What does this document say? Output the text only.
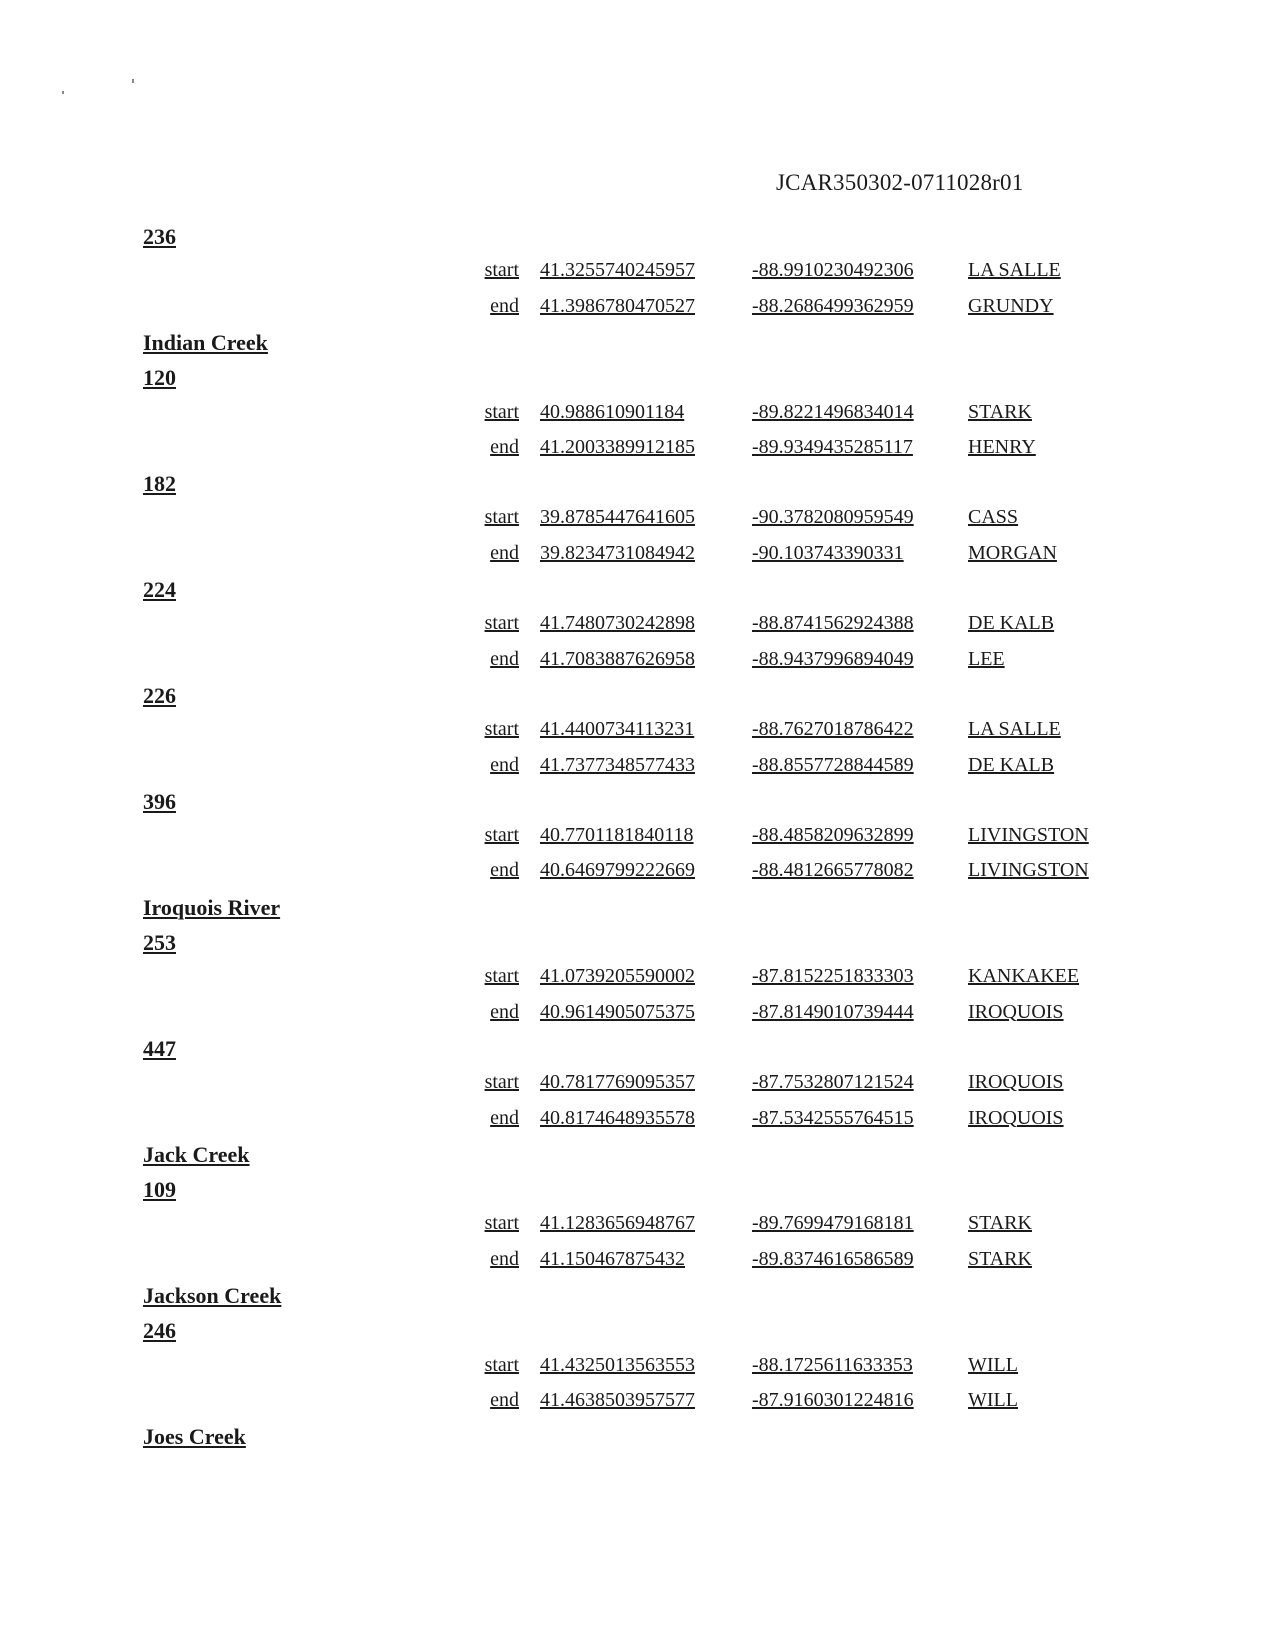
JCAR350302-0711028r01
236
start 41.3255740245957	-88.9910230492306	LA SALLE
end 41.3986780470527	-88.2686499362959	GRUNDY
Indian Creek
120
start 40.988610901184	-89.8221496834014	STARK
end 41.2003389912185	-89.9349435285117	HENRY
182
start 39.8785447641605	-90.3782080959549	CASS
end 39.8234731084942	-90.103743390331	MORGAN
224
start 41.7480730242898	-88.8741562924388	DE KALB
end 41.7083887626958	-88.9437996894049	LEE
226
start 41.4400734113231	-88.7627018786422	LA SALLE
end 41.7377348577433	-88.8557728844589	DE KALB
396
start 40.7701181840118	-88.4858209632899	LIVINGSTON
end 40.6469799222669	-88.4812665778082	LIVINGSTON
Iroquois River
253
start 41.0739205590002	-87.8152251833303	KANKAKEE
end 40.9614905075375	-87.8149010739444	IROQUOIS
447
start 40.7817769095357	-87.7532807121524	IROQUOIS
end 40.8174648935578	-87.5342555764515	IROQUOIS
Jack Creek
109
start 41.1283656948767	-89.7699479168181	STARK
end 41.150467875432	-89.8374616586589	STARK
Jackson Creek
246
start 41.4325013563553	-88.1725611633353	WILL
end 41.4638503957577	-87.9160301224816	WILL
Joes Creek
